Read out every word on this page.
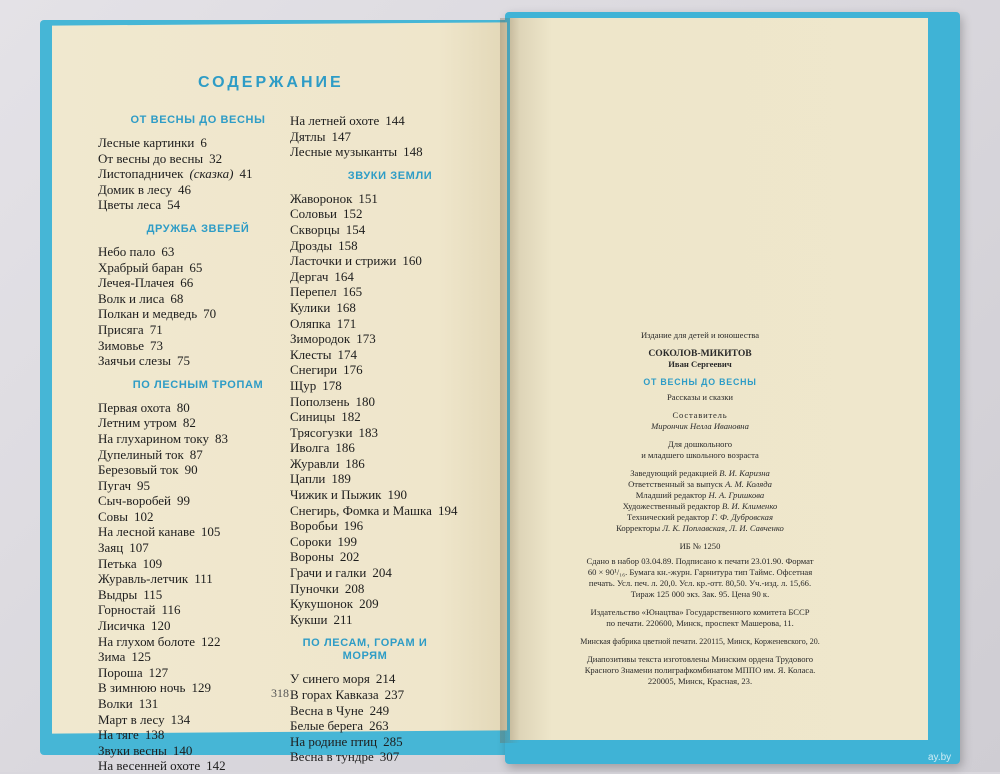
СОДЕРЖАНИЕ
ОТ ВЕСНЫ ДО ВЕСНЫ

Лесные картинки 6

От весны до весны 32

Листопадничек (сказка) 41

Домик в лесу 46

Цветы леса 54

ДРУЖБА ЗВЕРЕЙ

Небо пало 63

Храбрый баран 65

Лечея-Плачея 66

Волк и лиса 68

Полкан и медведь 70

Присяга 71

Зимовье 73

Заячьи слезы 75

ПО ЛЕСНЫМ ТРОПАМ

Первая охота 80

Летним утром 82

На глухарином току 83

Дупелиный ток 87

Березовый ток 90

Пугач 95

Сыч-воробей 99

Совы 102

На лесной канаве 105

Заяц 107

Петька 109

Журавль-летчик 111

Выдры 115

Горностай 116

Лисичка 120

На глухом болоте 122

Зима 125

Пороша 127

В зимнюю ночь 129

Волки 131

Март в лесу 134

На тяге 138

Звуки весны 140

На весенней охоте 142

На летней охоте 144

Дятлы 147

Лесные музыканты 148

ЗВУКИ ЗЕМЛИ

Жаворонок 151

Соловьи 152

Скворцы 154

Дрозды 158

Ласточки и стрижи 160

Дергач 164

Перепел 165

Кулики 168

Оляпка 171

Зимородок 173

Клесты 174

Снегири 176

Щур 178

Поползень 180

Синицы 182

Трясогузки 183

Иволга 186

Журавли 186

Цапли 189

Чижик и Пыжик 190

Снегирь, Фомка и Машка 194

Воробьи 196

Сороки 199

Вороны 202

Грачи и галки 204

Пуночки 208

Кукушонок 209

Кукши 211

ПО ЛЕСАМ, ГОРАМ И МОРЯМ

У синего моря 214

В горах Кавказа 237

Весна в Чуне 249

Белые берега 263

На родине птиц 285

Весна в тундре 307

318

Издание для детей и юношества

СОКОЛОВ-МИКИТОВ

Иван Сергеевич

ОТ ВЕСНЫ ДО ВЕСНЫ

Рассказы и сказки

Составитель

Мирончик Нелла Ивановна

Для дошкольного

и младшего школьного возраста

Заведующий редакцией В. И. Каризна

Ответственный за выпуск А. М. Коляда

Младший редактор Н. А. Гришкова

Художественный редактор В. И. Клименко

Технический редактор Г. Ф. Дубровская

Корректоры Л. К. Поплавская, Л. И. Савченко

ИБ № 1250

Сдано в набор 03.04.89. Подписано к печати 23.01.90. Формат

60 × 90¹/₁₆. Бумага кн.-журн. Гарнитура тип Таймс. Офсетная

печать. Усл. печ. л. 20,0. Усл. кр.-отт. 80,50. Уч.-изд. л. 15,66.

Тираж 125 000 экз. Зак. 95. Цена 90 к.

Издательство «Юнацтва» Государственного комитета БССР

по печати. 220600, Минск, проспект Машерова, 11.

Минская фабрика цветной печати. 220115, Минск, Корженевского, 20.

Диапозитивы текста изготовлены Минским ордена Трудового

Красного Знамени полиграфкомбинатом МППО им. Я. Коласа.

220005, Минск, Красная, 23.

ay.by
